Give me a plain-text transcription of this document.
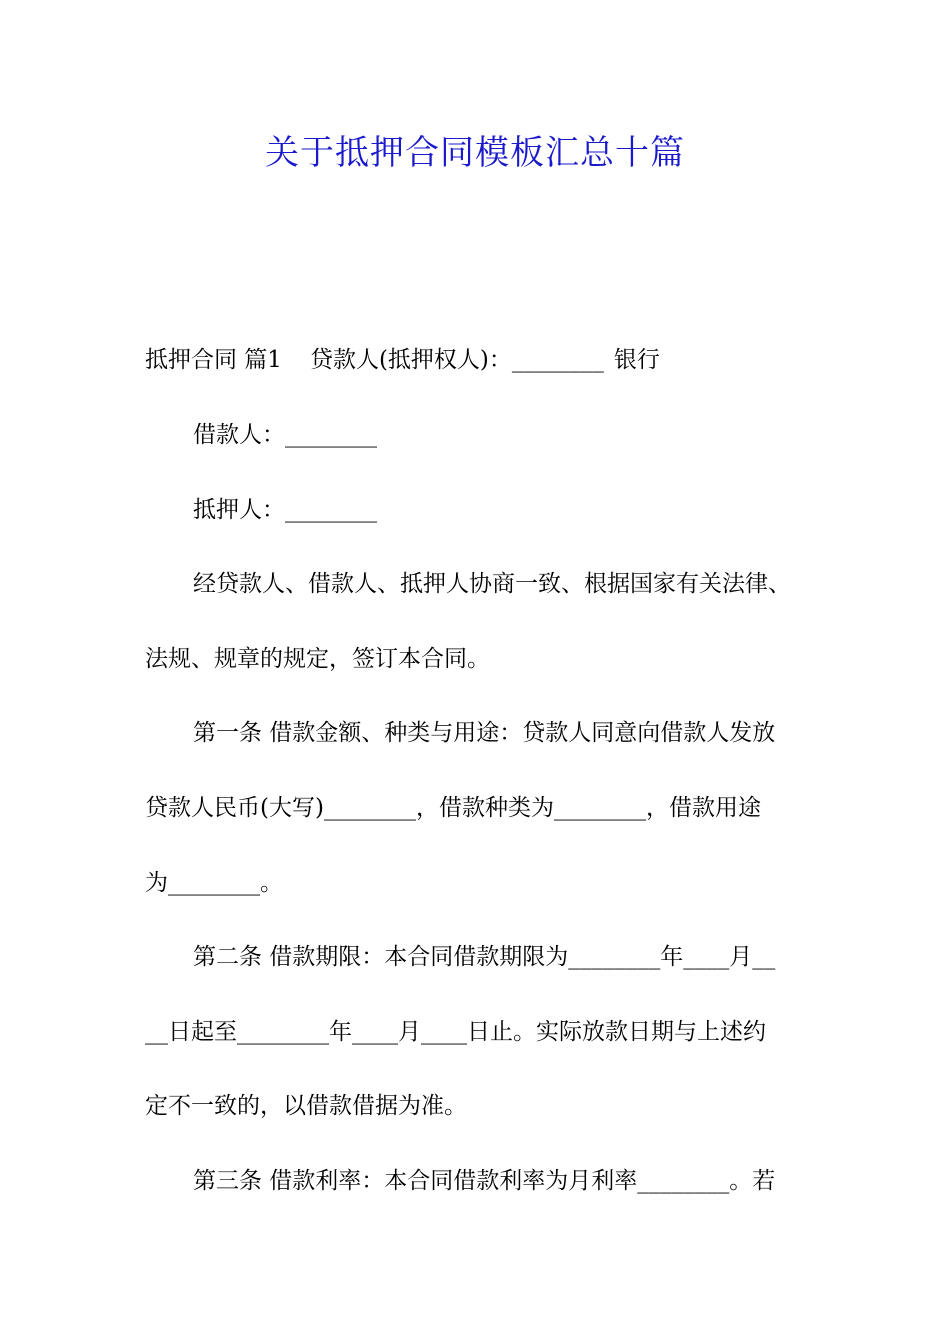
关于抵押合同模板汇总十篇
抵押合同 篇1 贷款人(抵押权人)：________ 银行
借款人：________
抵押人：________
经贷款人、借款人、抵押人协商一致、根据国家有关法律、
法规、规章的规定，签订本合同。
第一条 借款金额、种类与用途：贷款人同意向借款人发放
贷款人民币(大写)________，借款种类为________，借款用途
为________。
第二条 借款期限：本合同借款期限为________年____月__
__日起至________年____月____日止。实际放款日期与上述约
定不一致的，以借款借据为准。
第三条 借款利率：本合同借款利率为月利率________。若
